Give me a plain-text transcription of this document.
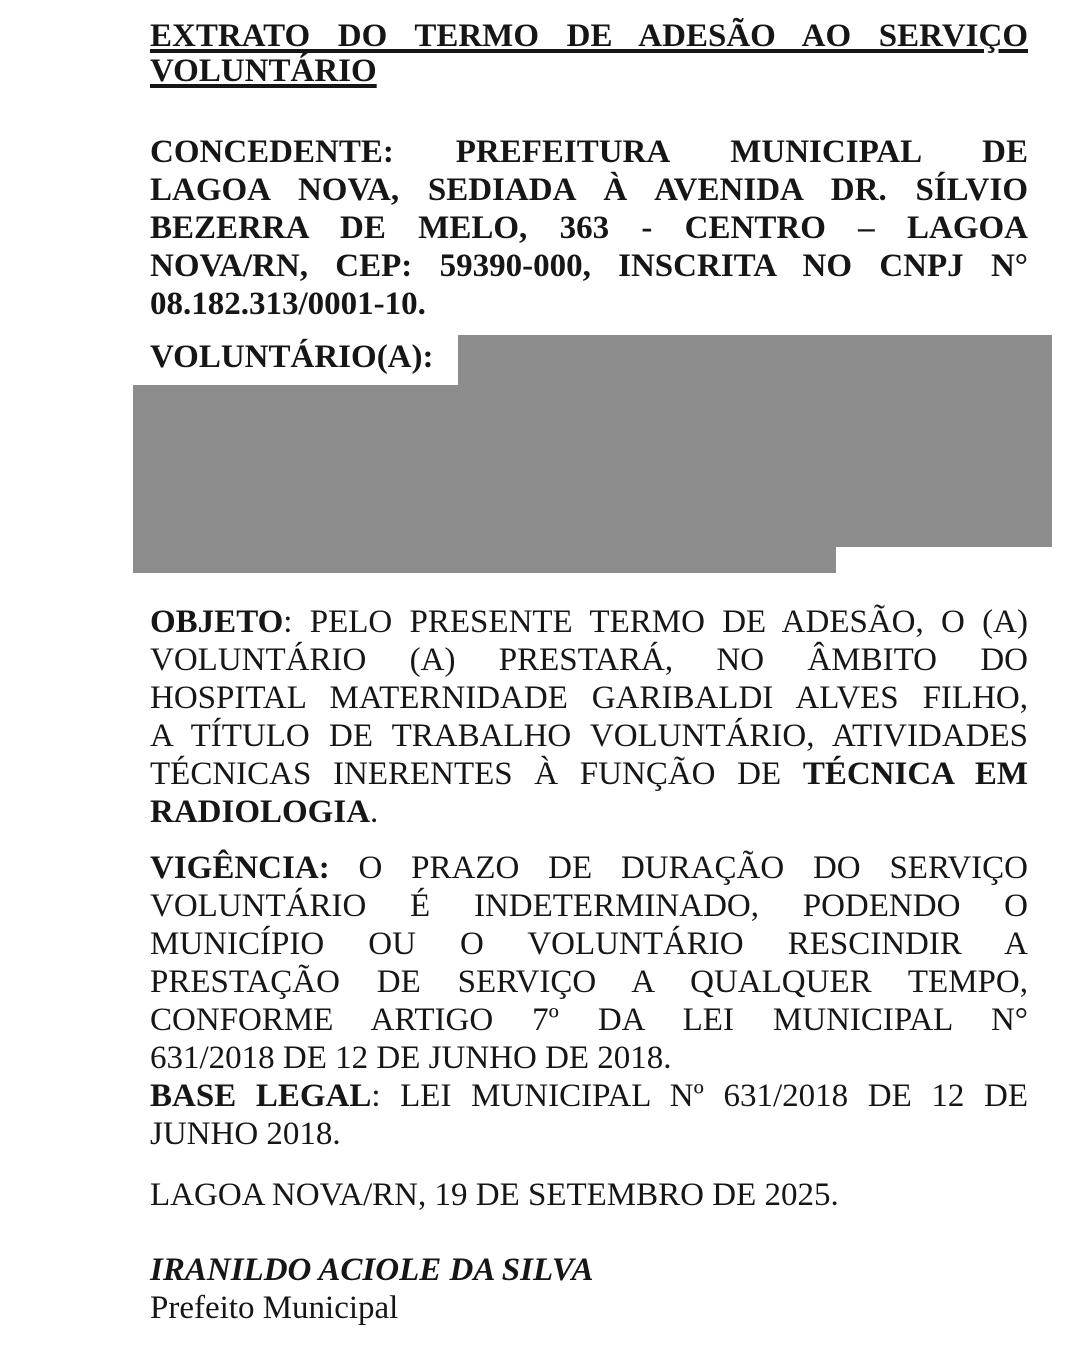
EXTRATO DO TERMO DE ADESÃO AO SERVIÇO
VOLUNTÁRIO
CONCEDENTE: PREFEITURA MUNICIPAL DE
LAGOA NOVA, SEDIADA À AVENIDA DR. SÍLVIO
BEZERRA DE MELO, 363 - CENTRO – LAGOA
NOVA/RN, CEP: 59390-000, INSCRITA NO CNPJ N°
08.182.313/0001-10.
VOLUNTÁRIO(A):
OBJETO: PELO PRESENTE TERMO DE ADESÃO, O (A)
VOLUNTÁRIO (A) PRESTARÁ, NO ÂMBITO DO
HOSPITAL MATERNIDADE GARIBALDI ALVES FILHO,
A TÍTULO DE TRABALHO VOLUNTÁRIO, ATIVIDADES
TÉCNICAS INERENTES À FUNÇÃO DE TÉCNICA EM
RADIOLOGIA.
VIGÊNCIA: O PRAZO DE DURAÇÃO DO SERVIÇO
VOLUNTÁRIO É INDETERMINADO, PODENDO O
MUNICÍPIO OU O VOLUNTÁRIO RESCINDIR A
PRESTAÇÃO DE SERVIÇO A QUALQUER TEMPO,
CONFORME ARTIGO 7º DA LEI MUNICIPAL N°
631/2018 DE 12 DE JUNHO DE 2018.
BASE LEGAL: LEI MUNICIPAL Nº 631/2018 DE 12 DE
JUNHO 2018.
LAGOA NOVA/RN, 19 DE SETEMBRO DE 2025.
IRANILDO ACIOLE DA SILVA
Prefeito Municipal
